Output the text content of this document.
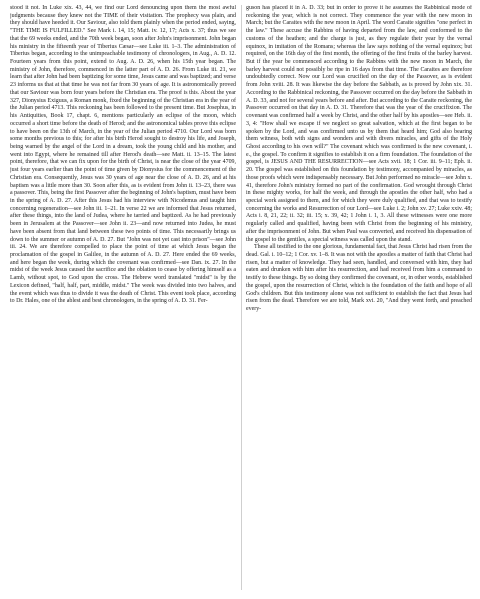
stood it not. In Luke xix. 43, 44, we find our Lord denouncing upon them the most awful judgments because they knew not the TIME of their visitation. The prophecy was plain, and they should have heeded it. Our Saviour, also told them plainly when the period ended, saying, "THE TIME IS FULFILLED." See Mark i. 14, 15; Matt. iv. 12, 17; Acts x. 37; thus we see that the 69 weeks ended, and the 70th week began, soon after John's imprisonment. John began his ministry in the fifteenth year of Tiberius Cæsar—see Luke iii. 1–3. The administration of Tiberius began, according to the unimpeachable testimony of chronologers, in Aug., A. D. 12. Fourteen years from this point, extend to Aug. A. D. 26, when his 15th year began. The ministry of John, therefore, commenced in the latter part of A. D. 26. From Luke iii. 21, we learn that after John had been baptizing for some time, Jesus came and was baptized; and verse 23 informs us that at that time he was not far from 30 years of age. It is astronomically proved that our Saviour was born four years before the Christian era. The proof is this. About the year 327, Dionysius Exiguus, a Roman monk, fixed the beginning of the Christian era in the year of the Julian period 4713. This reckoning has been followed to the present time. But Josephus, in his Antiquities, Book 17, chapt. 6, mentions particularly an eclipse of the moon, which occurred a short time before the death of Herod; and the astronomical tables prove this eclipse to have been on the 13th of March, in the year of the Julian period 4710. Our Lord was born some months previous to this; for after his birth Herod sought to destroy his life, and Joseph, being warned by the angel of the Lord in a dream, took the young child and his mother, and went into Egypt, where he remained till after Herod's death—see Matt. ii. 13–15. The latest point, therefore, that we can fix upon for the birth of Christ, is near the close of the year 4709, just four years earlier than the point of time given by Dionysius for the commencement of the Christian era. Consequently, Jesus was 30 years of age near the close of A. D. 26, and at his baptism was a little more than 30. Soon after this, as is evident from John ii. 13–23, there was a passover. This, being the first Passover after the beginning of John's baptism, must have been in the spring of A. D. 27. After this Jesus had his interview with Nicodemus and taught him concerning regeneration—see John iii. 1–21. In verse 22 we are informed that Jesus returned, after these things, into the land of Judea, where he tarried and baptized. As he had previously been in Jerusalem at the Passover—see John ii. 23—and now returned into Judea, he must have been absent from that land between these two points of time. This necessarily brings us down to the summer or autumn of A. D. 27. But "John was not yet cast into prison"—see John iii. 24. We are therefore compelled to place the point of time at which Jesus began the proclamation of the gospel in Galilee, in the autumn of A. D. 27. Here ended the 69 weeks, and here began the week, during which the covenant was confirmed—see Dan. ix. 27. In the midst of the week Jesus caused the sacrifice and the oblation to cease by offering himself as a Lamb, without spot, to God upon the cross. The Hebrew word translated "midst" is by the Lexicon defined, "half, half, part, middle, midst." The week was divided into two halves, and the event which was thus to divide it was the death of Christ. This event took place, according to Dr. Hales, one of the ablest and best chronologers, in the spring of A. D. 31. Fer-

guson has placed it in A. D. 33; but in order to prove it he assumes the Rabbinical mode of reckoning the year, which is not correct. They commence the year with the new moon in March; but the Caraites with the new moon in April. The word Caraite signifies "one perfect in the law." These accuse the Rabbins of having departed from the law, and conformed to the customs of the heathen; and the charge is just, as they regulate their year by the vernal equinox, in imitation of the Romans; whereas the law says nothing of the vernal equinox; but required, on the 16th day of the first month, the offering of the first fruits of the barley harvest. But if the year be commenced according to the Rabbins with the new moon in March, the barley harvest could not possibly be ripe in 16 days from that time. The Caraites are therefore undoubtedly correct. Now our Lord was crucified on the day of the Passover, as is evident from John xviii. 28. It was likewise the day before the Sabbath, as is proved by John xix. 31. According to the Rabbinical reckoning, the Passover occurred on the day before the Sabbath in A. D. 33, and not for several years before and after. But according to the Caraite reckoning, the Passover occurred on that day in A. D. 31. Therefore that was the year of the crucifixion. The covenant was confirmed half a week by Christ, and the other half by his apostles—see Heb. ii. 3, 4: "How shall we escape if we neglect so great salvation, which at the first began to be spoken by the Lord, and was confirmed unto us by them that heard him; God also bearing them witness, both with signs and wonders and with divers miracles, and gifts of the Holy Ghost according to his own will?" The covenant which was confirmed is the new covenant, i. e., the gospel. To confirm it signifies to establish it on a firm foundation. The foundation of the gospel, is JESUS AND THE RESURRECTION—see Acts xvii. 18; 1 Cor. iii. 9–11; Eph. ii. 20. The gospel was established on this foundation by testimony, accompanied by miracles, as those proofs which were indispensably necessary. But John performed no miracle—see John x. 41, therefore John's ministry formed no part of the confirmation. God wrought through Christ in these mighty works, for half the week, and through the apostles the other half, who had a special work assigned to them, and for which they were duly qualified, and that was to testify concerning the works and Resurrection of our Lord—see Luke i. 2; John xv. 27; Luke xxiv. 48; Acts i. 8, 21, 22; ii. 32; iii. 15; x. 39, 42; 1 John i. 1, 3. All these witnesses were one more regularly called and qualified, having been with Christ from the beginning of his ministry, after the imprisonment of John. But when Paul was converted, and received his dispensation of the gospel to the gentiles, a special witness was called upon the stand.

These all testified to the one glorious, fundamental fact, that Jesus Christ had risen from the dead. Gal. i. 10–12; 1 Cor. xv. 1–8. It was not with the apostles a matter of faith that Christ had risen, but a matter of knowledge. They had seen, handled, and conversed with him, they had eaten and drunken with him after his resurrection, and had received from him a command to testify to these things. By so doing they confirmed the covenant, or, in other words, established the gospel, upon the resurrection of Christ, which is the foundation of the faith and hope of all God's children. But this testimony alone was not sufficient to establish the fact that Jesus had risen from the dead. Therefore we are told, Mark xvi. 20, "And they went forth, and preached every-
